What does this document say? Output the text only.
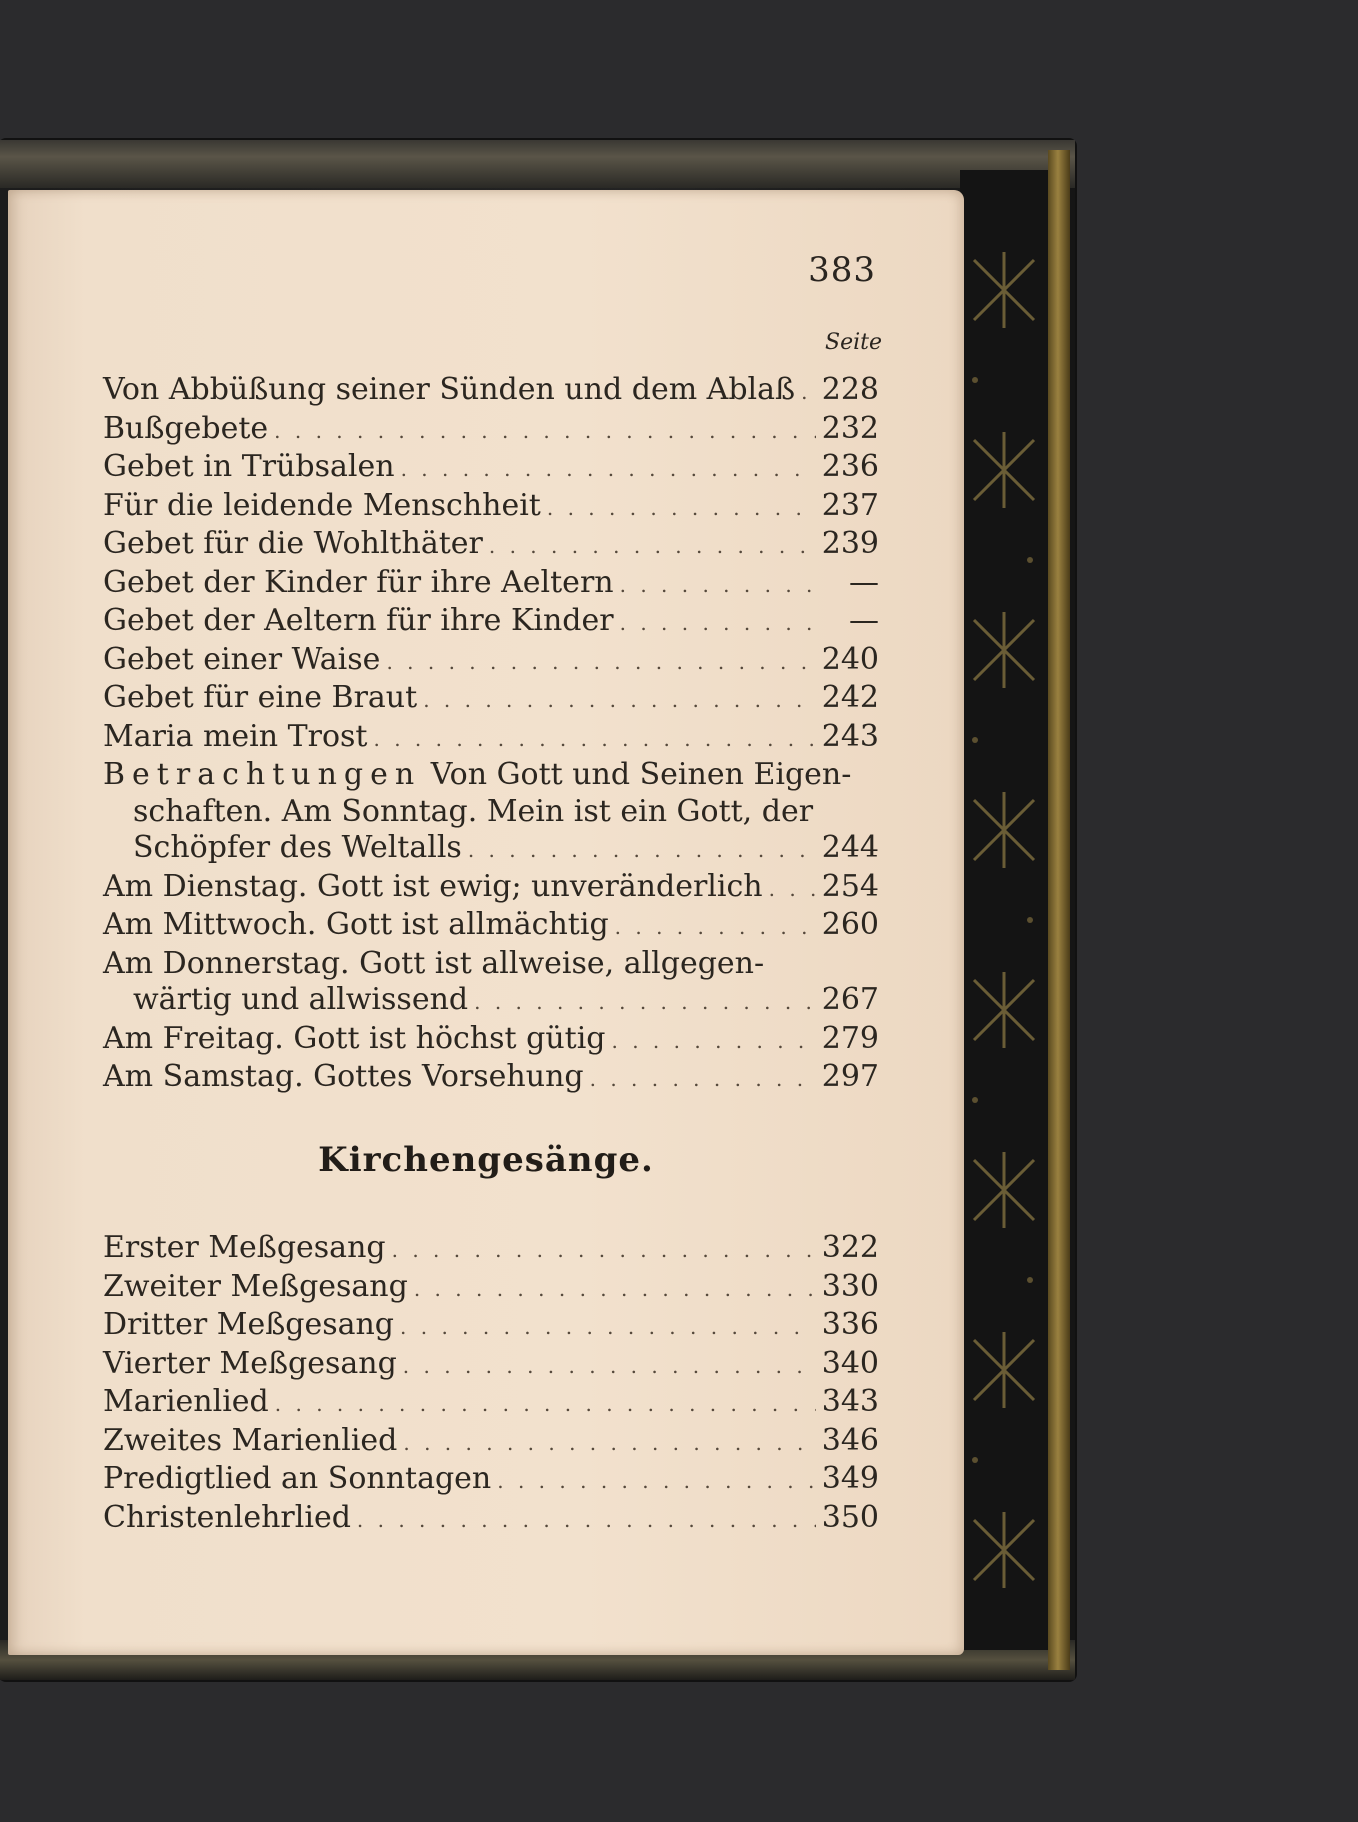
383
Seite
Von Abbüßung seiner Sünden und dem Ablaß . . . 228
Bußgebete . . .	232
Gebet in Trübsalen . . .	236
Für die leidende Menschheit . . .	237
Gebet für die Wohlthäter . . .	239
Gebet der Kinder für ihre Aeltern . . .	—
Gebet der Aeltern für ihre Kinder . . .	—
Gebet einer Waise . . .	240
Gebet für eine Braut . . .	242
Maria mein Trost . . .	243
Betrachtungen Von Gott und Seinen Eigen-
schaften. Am Sonntag. Mein ist ein Gott, der
Schöpfer des Weltalls . . .	244
Am Dienstag. Gott ist ewig; unveränderlich . . . 254
Am Mittwoch. Gott ist allmächtig . . .	260
Am Donnerstag. Gott ist allweise, allgegen-
wärtig und allwissend . . .	267
Am Freitag. Gott ist höchst gütig . . .	279
Am Samstag. Gottes Vorsehung . . .	297
Kirchengesänge.
Erster Meßgesang . . .	322
Zweiter Meßgesang . . .	330
Dritter Meßgesang . . .	336
Vierter Meßgesang . . .	340
Marienlied . . .	343
Zweites Marienlied . . .	346
Predigtlied an Sonntagen . . .	349
Christenlehrlied . . .	350
